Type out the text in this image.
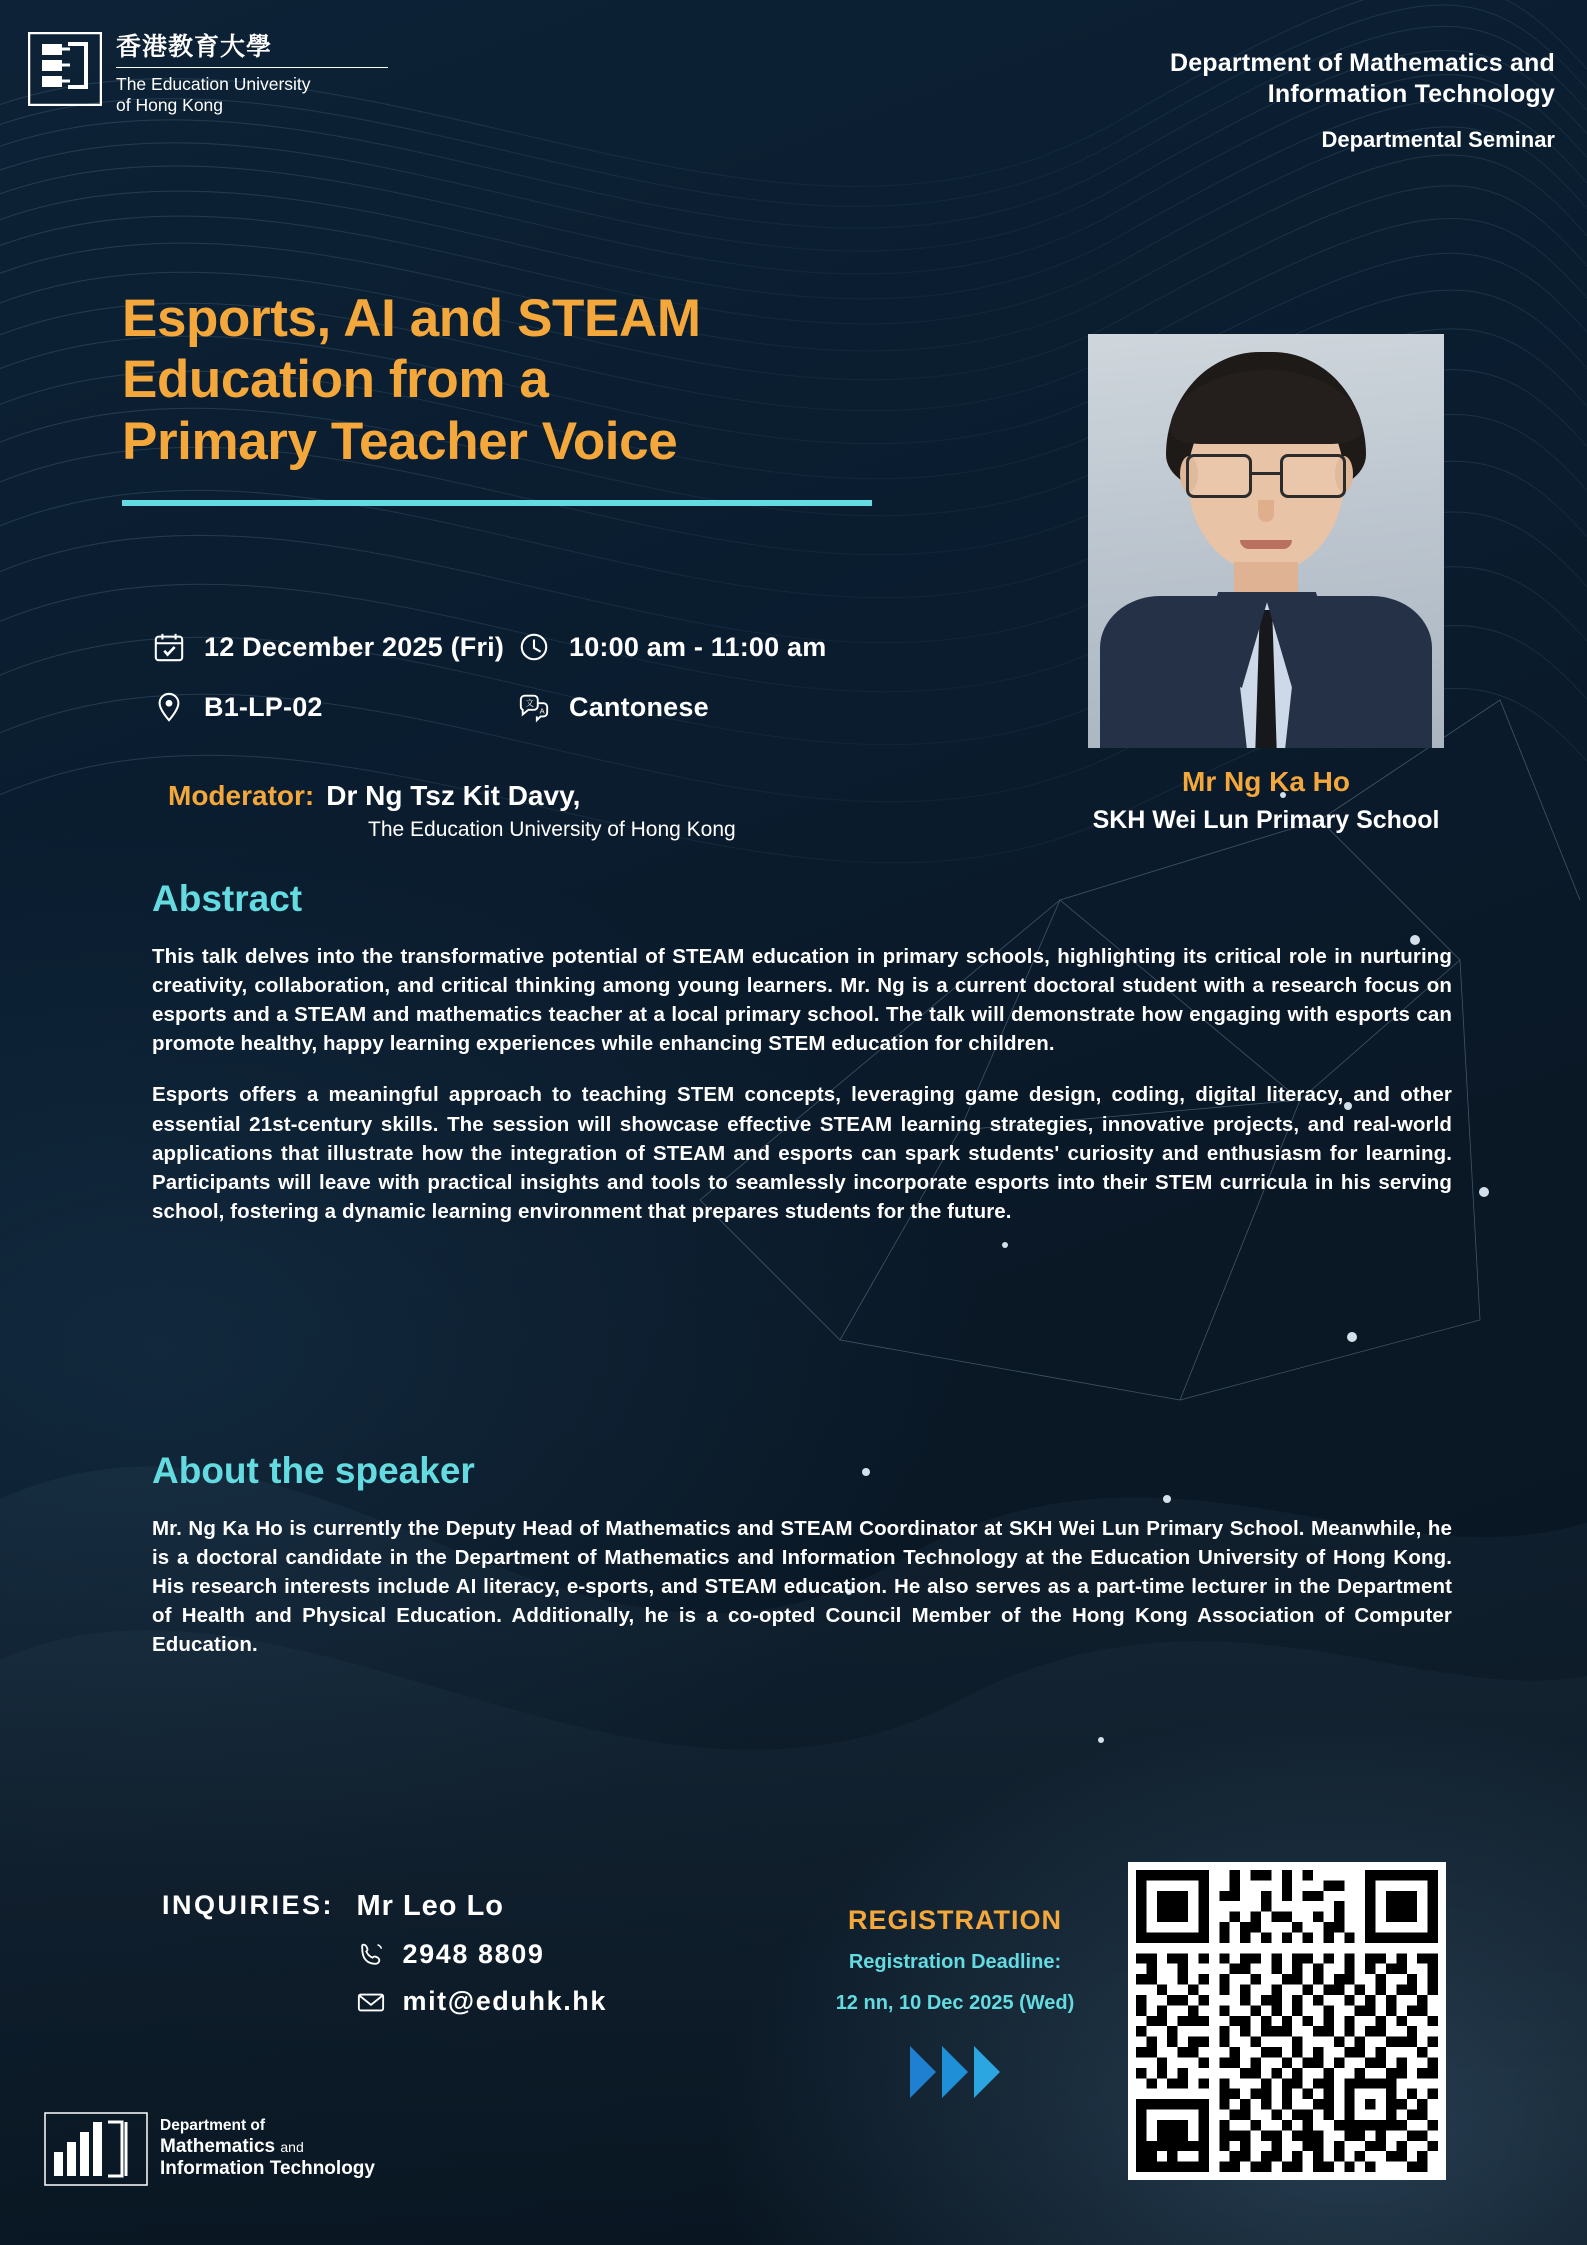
香港教育大學
The Education University
of Hong Kong
Department of Mathematics and
Information Technology
Departmental Seminar
Esports, AI and STEAM
Education from a
Primary Teacher Voice
12 December 2025 (Fri) 10:00 am - 11:00 am
B1-LP-02	文
A Cantonese
Moderator: Dr Ng Tsz Kit Davy,
The Education University of Hong Kong
Mr Ng Ka Ho
SKH Wei Lun Primary School
Abstract
This talk delves into the transformative potential of STEAM education in primary schools, highlighting its critical role in nurturing creativity, collaboration, and critical thinking among young learners. Mr. Ng is a current doctoral student with a research focus on esports and a STEAM and mathematics teacher at a local primary school. The talk will demonstrate how engaging with esports can promote healthy, happy learning experiences while enhancing STEM education for children.
Esports offers a meaningful approach to teaching STEM concepts, leveraging game design, coding, digital literacy, and other essential 21st-century skills. The session will showcase effective STEAM learning strategies, innovative projects, and real-world applications that illustrate how the integration of STEAM and esports can spark students' curiosity and enthusiasm for learning. Participants will leave with practical insights and tools to seamlessly incorporate esports into their STEM curricula in his serving school, fostering a dynamic learning environment that prepares students for the future.
About the speaker
Mr. Ng Ka Ho is currently the Deputy Head of Mathematics and STEAM Coordinator at SKH Wei Lun Primary School. Meanwhile, he is a doctoral candidate in the Department of Mathematics and Information Technology at the Education University of Hong Kong. His research interests include AI literacy, e-sports, and STEAM education. He also serves as a part-time lecturer in the Department of Health and Physical Education. Additionally, he is a co-opted Council Member of the Hong Kong Association of Computer Education.
INQUIRIES: Mr Leo Lo
2948 8809
mit@eduhk.hk
REGISTRATION
Registration Deadline:
12 nn, 10 Dec 2025 (Wed)
Department of
Mathematics and
Information Technology
